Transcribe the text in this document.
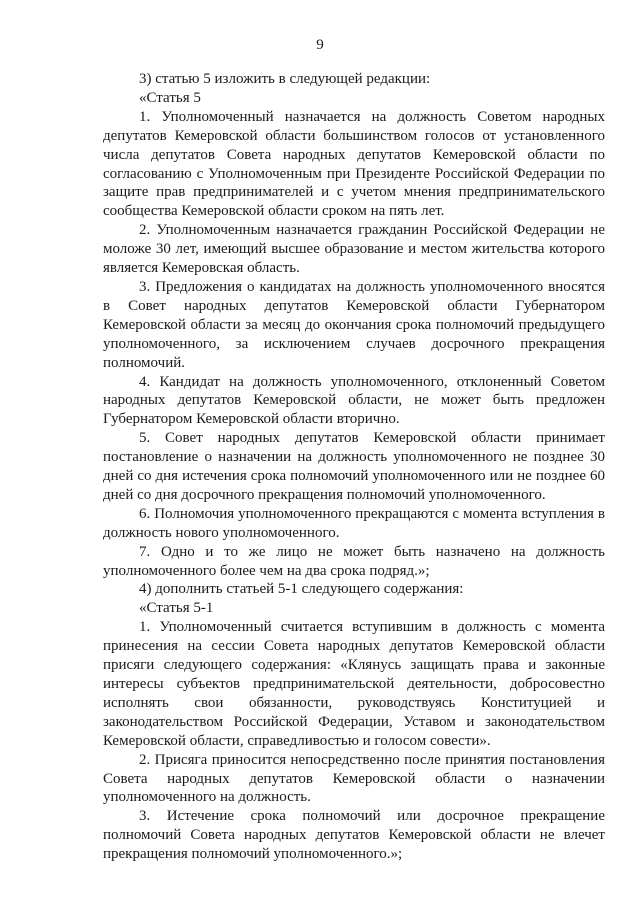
9

3) статью 5 изложить в следующей редакции:

«Статья 5

1. Уполномоченный назначается на должность Советом народных депутатов Кемеровской области большинством голосов от установленного числа депутатов Совета народных депутатов Кемеровской области по согласованию с Уполномоченным при Президенте Российской Федерации по защите прав предпринимателей и с учетом мнения предпринимательского сообщества Кемеровской области сроком на пять лет.

2. Уполномоченным назначается гражданин Российской Федерации не моложе 30 лет, имеющий высшее образование и местом жительства которого является Кемеровская область.

3. Предложения о кандидатах на должность уполномоченного вносятся в Совет народных депутатов Кемеровской области Губернатором Кемеровской области за месяц до окончания срока полномочий предыдущего уполномоченного, за исключением случаев досрочного прекращения полномочий.

4. Кандидат на должность уполномоченного, отклоненный Советом народных депутатов Кемеровской области, не может быть предложен Губернатором Кемеровской области вторично.

5. Совет народных депутатов Кемеровской области принимает постановление о назначении на должность уполномоченного не позднее 30 дней со дня истечения срока полномочий уполномоченного или не позднее 60 дней со дня досрочного прекращения полномочий уполномоченного.

6. Полномочия уполномоченного прекращаются с момента вступления в должность нового уполномоченного.

7. Одно и то же лицо не может быть назначено на должность уполномоченного более чем на два срока подряд.»;

4) дополнить статьей 5-1 следующего содержания:

«Статья 5-1

1. Уполномоченный считается вступившим в должность с момента принесения на сессии Совета народных депутатов Кемеровской области присяги следующего содержания: «Клянусь защищать права и законные интересы субъектов предпринимательской деятельности, добросовестно исполнять свои обязанности, руководствуясь Конституцией и законодательством Российской Федерации, Уставом и законодательством Кемеровской области, справедливостью и голосом совести».

2. Присяга приносится непосредственно после принятия постановления Совета народных депутатов Кемеровской области о назначении уполномоченного на должность.

3. Истечение срока полномочий или досрочное прекращение полномочий Совета народных депутатов Кемеровской области не влечет прекращения полномочий уполномоченного.»;
